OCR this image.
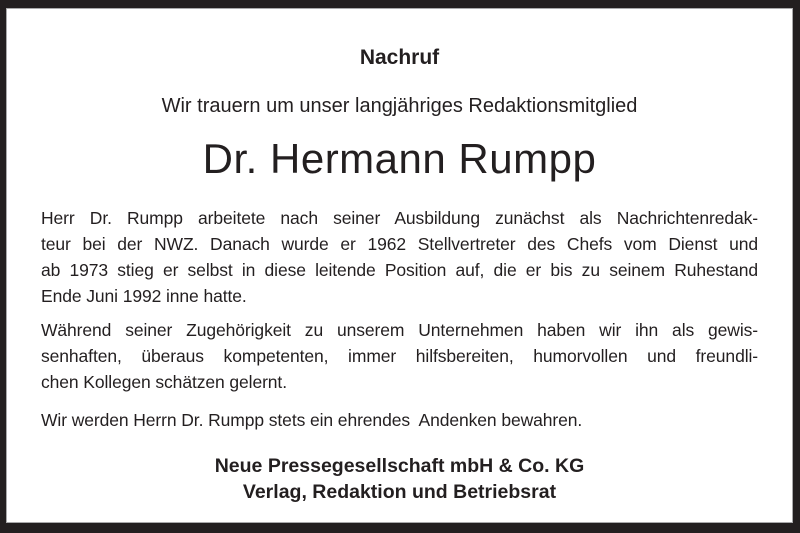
Nachruf
Wir trauern um unser langjähriges Redaktionsmitglied
Dr. Hermann Rumpp
Herr Dr. Rumpp arbeitete nach seiner Ausbildung zunächst als Nachrichtenredak-
teur bei der NWZ. Danach wurde er 1962 Stellvertreter des Chefs vom Dienst und
ab 1973 stieg er selbst in diese leitende Position auf, die er bis zu seinem Ruhestand
Ende Juni 1992 inne hatte.
Während seiner Zugehörigkeit zu unserem Unternehmen haben wir ihn als gewis-
senhaften, überaus kompetenten, immer hilfsbereiten, humorvollen und freundli-
chen Kollegen schätzen gelernt.
Wir werden Herrn Dr. Rumpp stets ein ehrendes  Andenken bewahren.
Neue Pressegesellschaft mbH & Co. KG
Verlag, Redaktion und Betriebsrat
